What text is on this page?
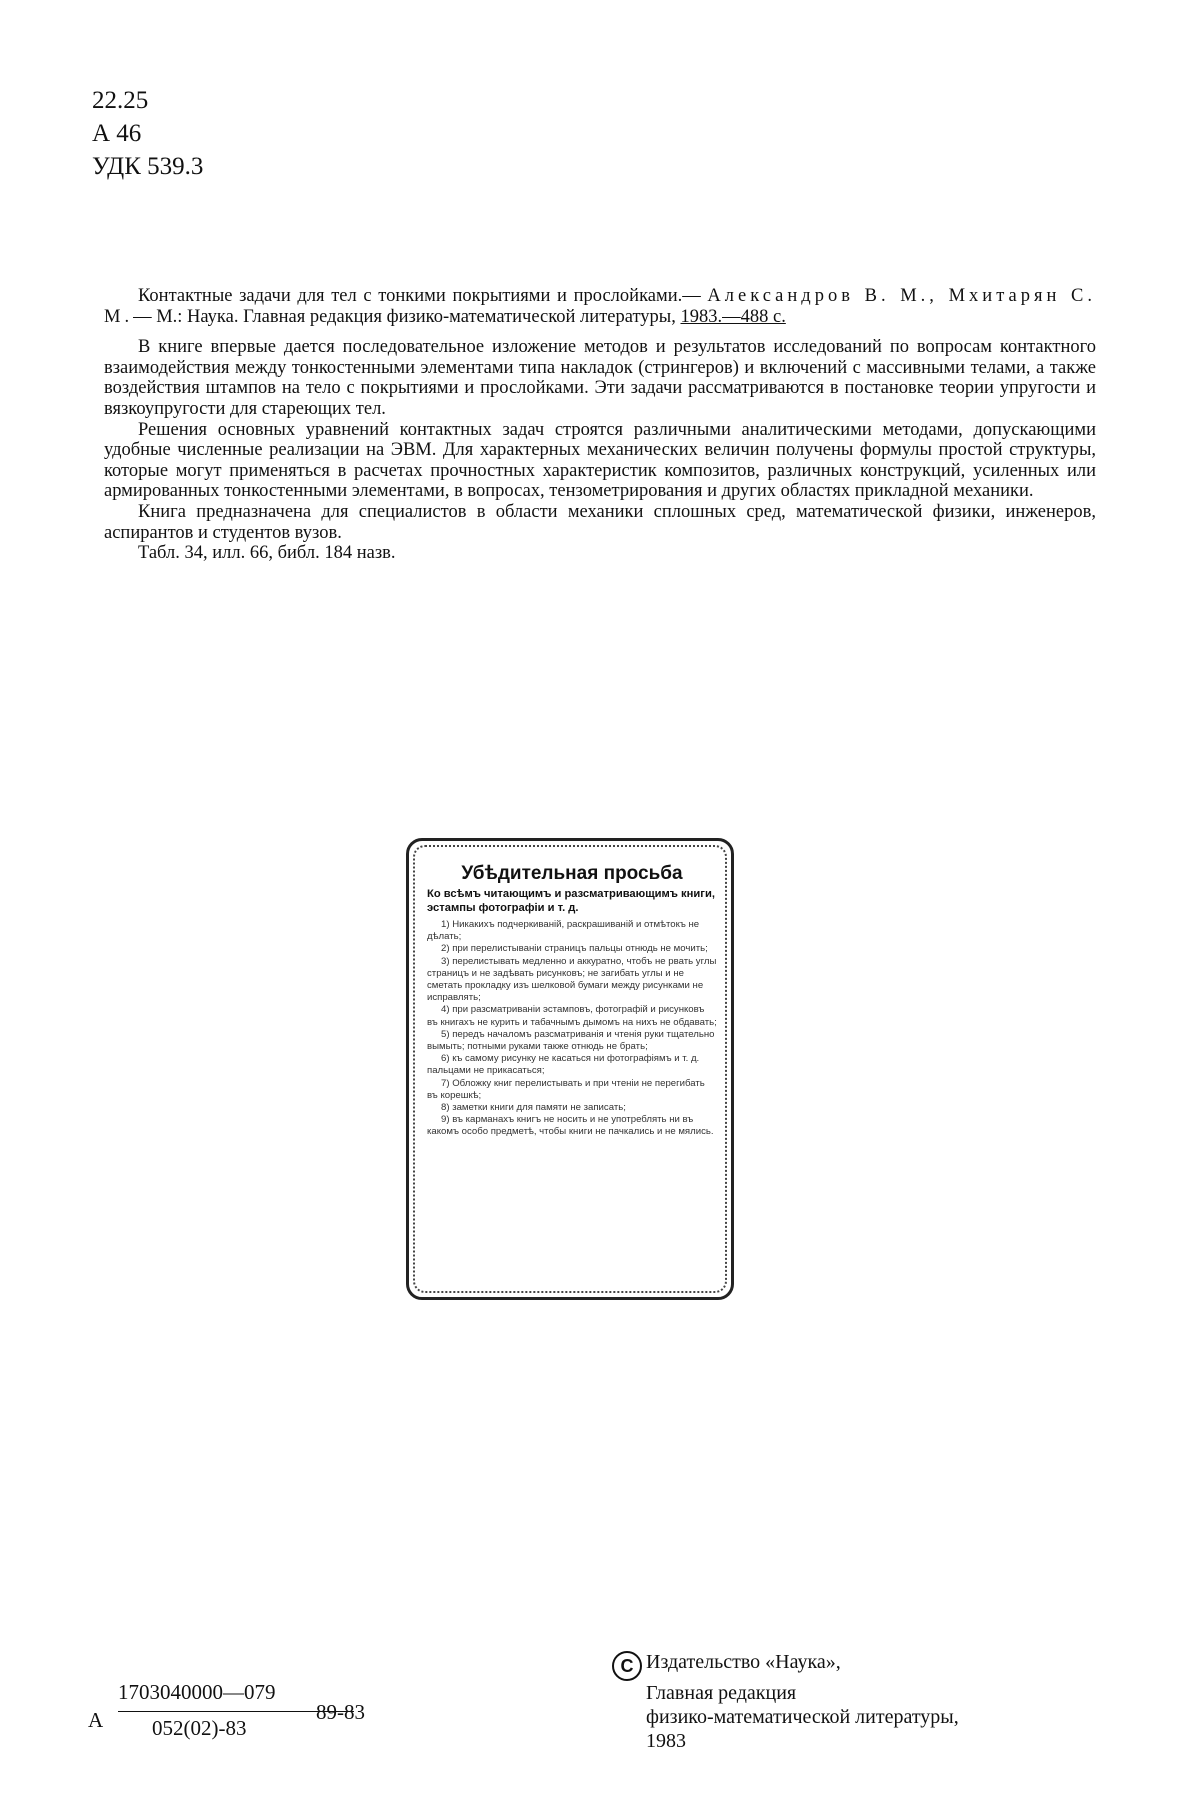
22.25
А 46
УДК 539.3

Контактные задачи для тел с тонкими покрытиями и прослойками.— Александров В. М., Мхитарян С. М.— М.: Наука. Главная редакция физико-математической литературы, 1983.—488 с.

В книге впервые дается последовательное изложение методов и результатов исследований по вопросам контактного взаимодействия между тонкостенными элементами типа накладок (стрингеров) и включений с массивными телами, а также воздействия штампов на тело с покрытиями и прослойками. Эти задачи рассматриваются в постановке теории упругости и вязкоупругости для стареющих тел.

Решения основных уравнений контактных задач строятся различными аналитическими методами, допускающими удобные численные реализации на ЭВМ. Для характерных механических величин получены формулы простой структуры, которые могут применяться в расчетах прочностных характеристик композитов, различных конструкций, усиленных или армированных тонкостенными элементами, в вопросах, тензометрирования и других областях прикладной механики.

Книга предназначена для специалистов в области механики сплошных сред, математической физики, инженеров, аспирантов и студентов вузов.

Табл. 34, илл. 66, библ. 184 назв.

Убѣдительная просьба
Ко всѣмъ читающимъ и разсматривающимъ книги, эстампы фотографіи и т. д.

1) Никакихъ подчеркиваній, раскрашиваній и отмѣтокъ не дѣлать;

2) при перелистываніи страницъ пальцы отнюдь не мочить;

3) перелистывать медленно и аккуратно, чтобъ не рвать углы страницъ и не задѣвать рисунковъ; не загибать углы и не сметать прокладку изъ шелковой бумаги между рисунками не исправлять;

4) при разсматриваніи эстамповъ, фотографій и рисунковъ въ книгахъ не курить и табачнымъ дымомъ на нихъ не обдавать;

5) передъ началомъ разсматриванія и чтенія руки тщательно вымыть; потными руками также отнюдь не брать;

6) къ самому рисунку не касаться ни фотографіямъ и т. д. пальцами не прикасаться;

7) Обложку книг перелистывать и при чтеніи не перегибать въ корешкѣ;

8) заметки книги для памяти не записать;

9) въ карманахъ книгъ не носить и не употреблять ни въ какомъ особо предметѣ, чтобы книги не пачкались и не мялись.

А
1703040000—079
052(02)-83
89-83
C Издательство «Наука»,
Главная редакция
физико-математической литературы,
1983
